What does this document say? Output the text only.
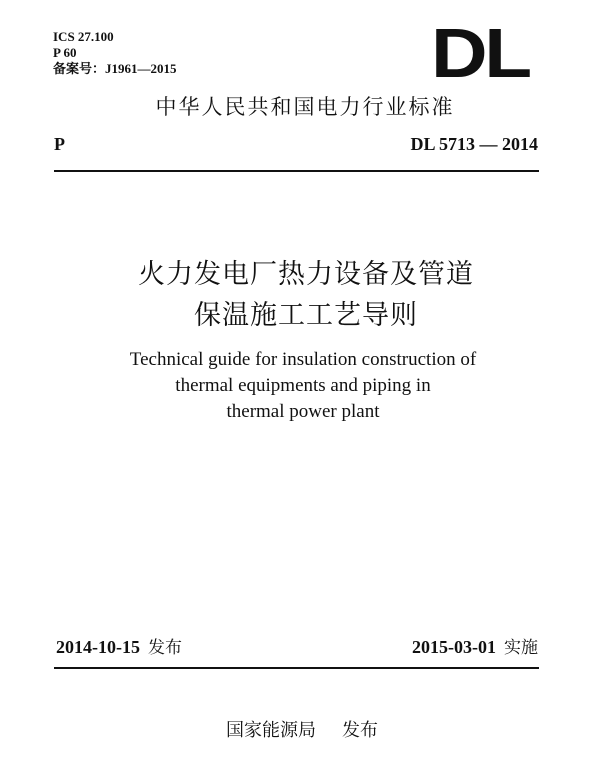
ICS 27.100
P 60
备案号：J1961—2015	DL
中华人民共和国电力行业标准
P	DL 5713 — 2014
火力发电厂热力设备及管道
保温施工工艺导则
Technical guide for insulation construction of
thermal equipments and piping in
thermal power plant
2014-10-15 发布	2015-03-01 实施
国家能源局 发布
